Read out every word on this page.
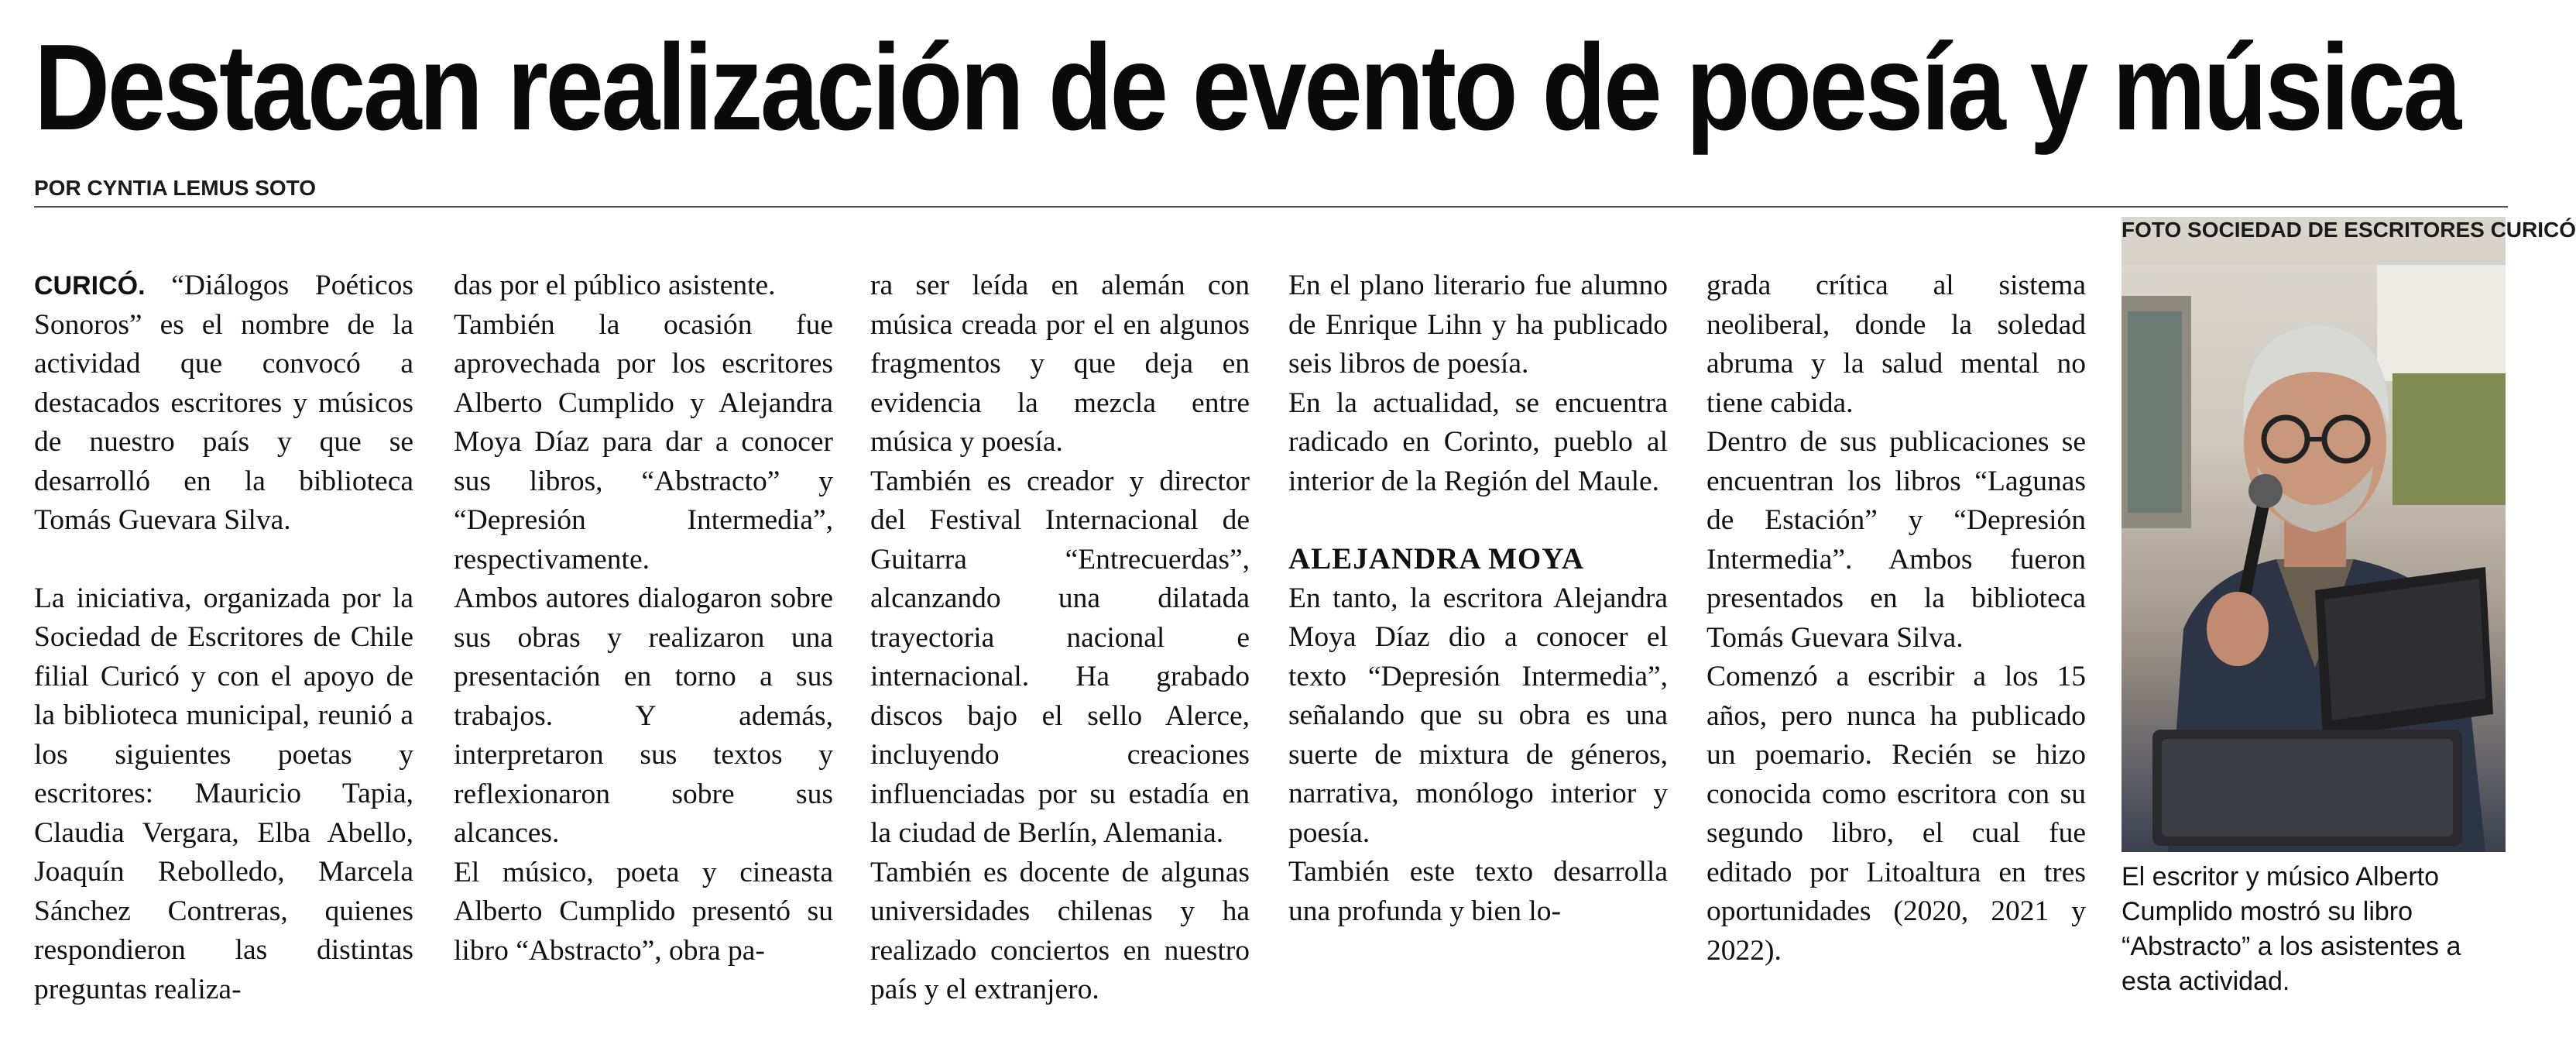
Destacan realización de evento de poesía y música
POR CYNTIA LEMUS SOTO
FOTO SOCIEDAD DE ESCRITORES CURICÓ

CURICÓ. “Diálogos Poéticos Sonoros” es el nombre de la actividad que convocó a destacados escritores y músicos de nuestro país y que se desarrolló en la biblioteca Tomás Guevara Silva.

La iniciativa, organizada por la Sociedad de Escritores de Chile filial Curicó y con el apoyo de la biblioteca municipal, reunió a los siguientes poetas y escritores: Mauricio Tapia, Claudia Vergara, Elba Abello, Joaquín Rebolledo, Marcela Sánchez Contreras, quienes respondieron las distintas preguntas realiza-

das por el público asistente.

También la ocasión fue aprovechada por los escritores Alberto Cumplido y Alejandra Moya Díaz para dar a conocer sus libros, “Abstracto” y “Depresión Intermedia”, respectivamente.

Ambos autores dialogaron sobre sus obras y realizaron una presentación en torno a sus trabajos. Y además, interpretaron sus textos y reflexionaron sobre sus alcances.

El músico, poeta y cineasta Alberto Cumplido presentó su libro “Abstracto”, obra pa-

ra ser leída en alemán con música creada por el en algunos fragmentos y que deja en evidencia la mezcla entre música y poesía.

También es creador y director del Festival Internacional de Guitarra “Entrecuerdas”, alcanzando una dilatada trayectoria nacional e internacional. Ha grabado discos bajo el sello Alerce, incluyendo creaciones influenciadas por su estadía en la ciudad de Berlín, Alemania.

También es docente de algunas universidades chilenas y ha realizado conciertos en nuestro país y el extranjero.

En el plano literario fue alumno de Enrique Lihn y ha publicado seis libros de poesía.

En la actualidad, se encuentra radicado en Corinto, pueblo al interior de la Región del Maule.

ALEJANDRA MOYA

En tanto, la escritora Alejandra Moya Díaz dio a conocer el texto “Depresión Intermedia”, señalando que su obra es una suerte de mixtura de géneros, narrativa, monólogo interior y poesía.

También este texto desarrolla una profunda y bien lo-

grada crítica al sistema neoliberal, donde la soledad abruma y la salud mental no tiene cabida.

Dentro de sus publicaciones se encuentran los libros “Lagunas de Estación” y “Depresión Intermedia”. Ambos fueron presentados en la biblioteca Tomás Guevara Silva.

Comenzó a escribir a los 15 años, pero nunca ha publicado un poemario. Recién se hizo conocida como escritora con su segundo libro, el cual fue editado por Litoaltura en tres oportunidades (2020, 2021 y 2022).

El escritor y músico Alberto Cumplido mostró su libro “Abstracto” a los asistentes a esta actividad.
